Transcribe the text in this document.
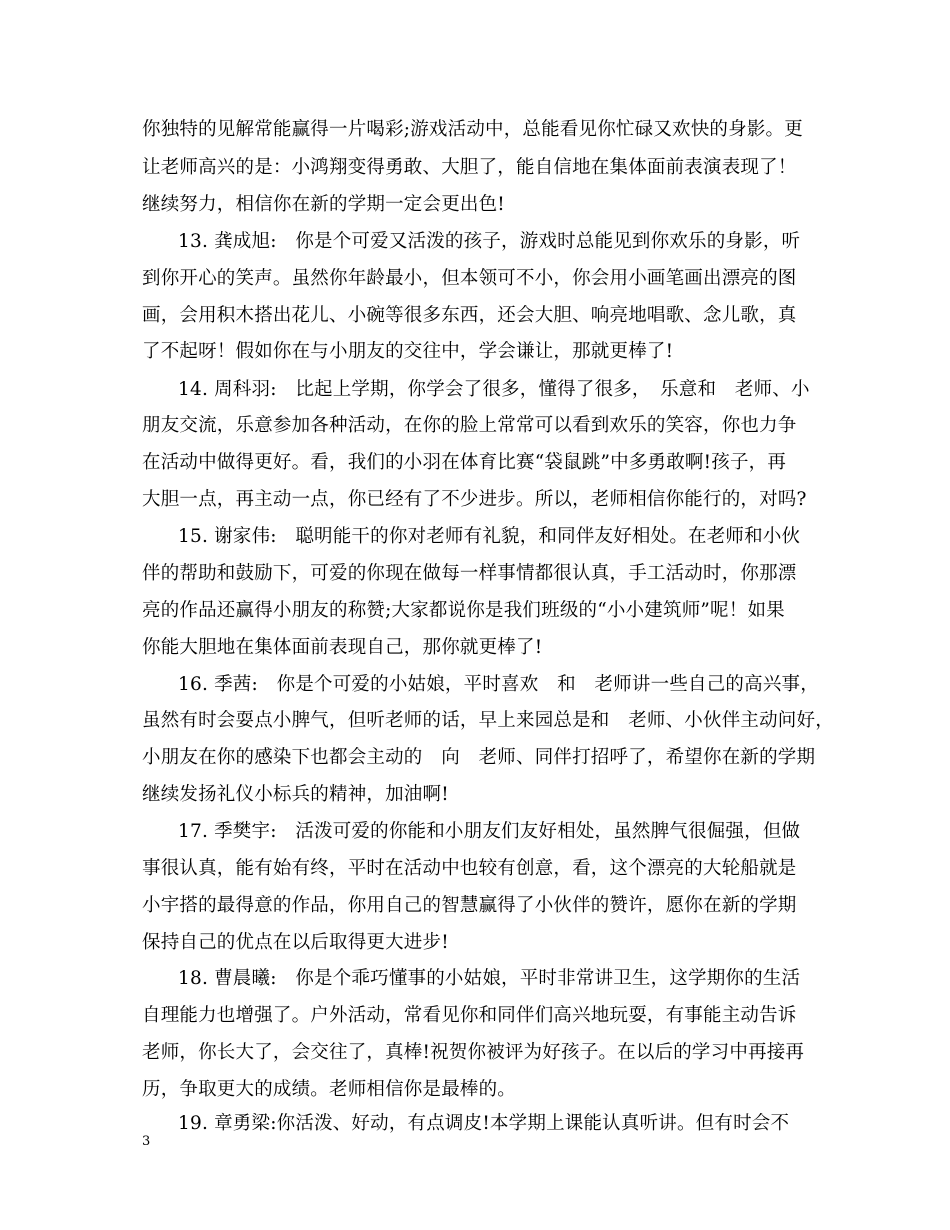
你独特的见解常能赢得一片喝彩;游戏活动中，总能看见你忙碌又欢快的身影。更
让老师高兴的是：小鸿翔变得勇敢、大胆了，能自信地在集体面前表演表现了！
继续努力，相信你在新的学期一定会更出色!
13. 龚成旭:　你是个可爱又活泼的孩子，游戏时总能见到你欢乐的身影，听
到你开心的笑声。虽然你年龄最小，但本领可不小，你会用小画笔画出漂亮的图
画，会用积木搭出花儿、小碗等很多东西，还会大胆、响亮地唱歌、念儿歌，真
了不起呀！假如你在与小朋友的交往中，学会谦让，那就更棒了!
14. 周科羽:　比起上学期，你学会了很多，懂得了很多，　乐意和　老师、小
朋友交流，乐意参加各种活动，在你的脸上常常可以看到欢乐的笑容，你也力争
在活动中做得更好。看，我们的小羽在体育比赛“袋鼠跳”中多勇敢啊!孩子，再
大胆一点，再主动一点，你已经有了不少进步。所以，老师相信你能行的，对吗?
15. 谢家伟:　聪明能干的你对老师有礼貌，和同伴友好相处。在老师和小伙
伴的帮助和鼓励下，可爱的你现在做每一样事情都很认真，手工活动时，你那漂
亮的作品还赢得小朋友的称赞;大家都说你是我们班级的“小小建筑师”呢！如果
你能大胆地在集体面前表现自己，那你就更棒了!
16. 季茜:　你是个可爱的小姑娘，平时喜欢　和　老师讲一些自己的高兴事，
虽然有时会耍点小脾气，但听老师的话，早上来园总是和　老师、小伙伴主动问好，
小朋友在你的感染下也都会主动的　向　老师、同伴打招呼了，希望你在新的学期
继续发扬礼仪小标兵的精神，加油啊!
17. 季樊宇:　活泼可爱的你能和小朋友们友好相处，虽然脾气很倔强，但做
事很认真，能有始有终，平时在活动中也较有创意，看，这个漂亮的大轮船就是
小宇搭的最得意的作品，你用自己的智慧赢得了小伙伴的赞许，愿你在新的学期
保持自己的优点在以后取得更大进步!
18. 曹晨曦:　你是个乖巧懂事的小姑娘，平时非常讲卫生，这学期你的生活
自理能力也增强了。户外活动，常看见你和同伴们高兴地玩耍，有事能主动告诉
老师，你长大了，会交往了，真棒!祝贺你被评为好孩子。在以后的学习中再接再
历，争取更大的成绩。老师相信你是最棒的。
19. 章勇梁:你活泼、好动，有点调皮!本学期上课能认真听讲。但有时会不
3
